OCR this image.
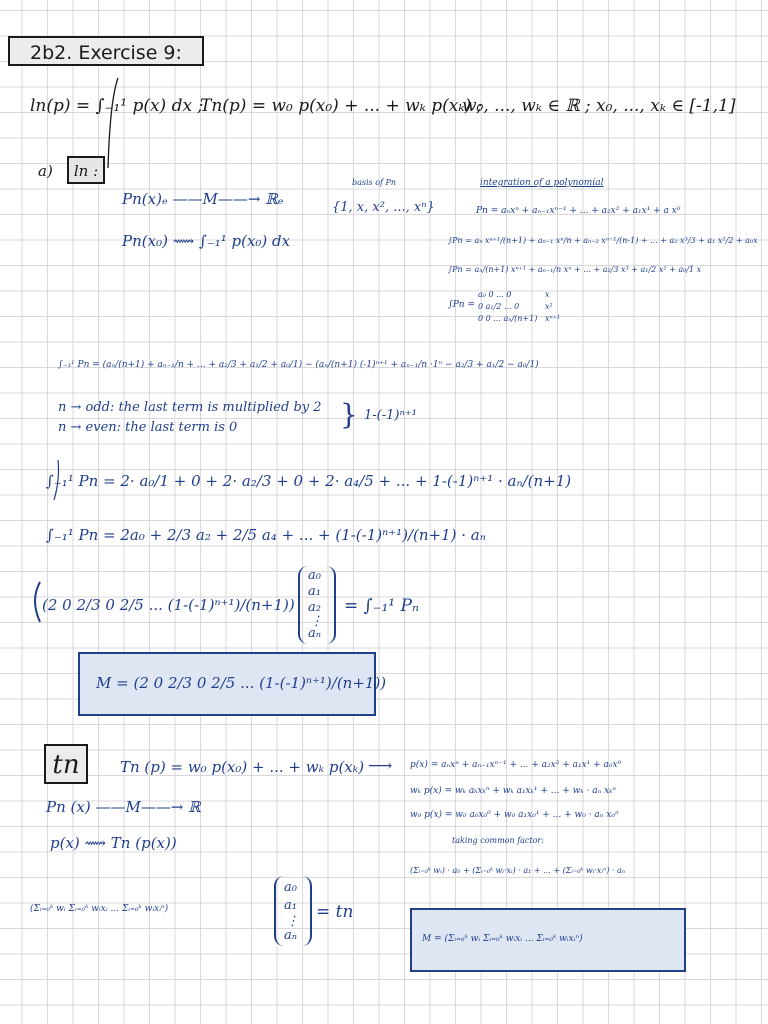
2b2. Exercise 9:
ln(p) = ∫₋₁¹ p(x) dx ;
Tn(p) = w₀ p(x₀) + ... + wₖ p(xₖ) ;
w₀, ..., wₖ ∈ ℝ ; x₀, ..., xₖ ∈ [-1,1]
a)	ln :
Pn(x)ₑ ——M——→ ℝₑ
Pn(x₀) ⟿ ∫₋₁¹ p(x₀) dx
basis of Pn
{1, x, x², ..., xⁿ}
integration of a polynomial
Pn = aₙxⁿ + aₙ₋₁xⁿ⁻¹ + ... + a₂x² + a₁x¹ + a x⁰
∫Pn = aₙ xⁿ⁺¹/(n+1) + aₙ₋₁ xⁿ/n + aₙ₋₂ xⁿ⁻¹/(n-1) + ... + a₂ x³/3 + a₁ x²/2 + a₀x
∫Pn = aₙ/(n+1) xⁿ⁺¹ + aₙ₋₁/n xⁿ + ... + a₂/3 x³ + a₁/2 x² + a₀/1 x
∫Pn =
a₀ 0 ... 0
0 a₁/2 ... 0
0 0 ... aₙ/(n+1)
x
x²
xⁿ⁺¹
∫₋₁¹ Pn = (aₙ/(n+1) + aₙ₋₁/n + ... + a₂/3 + a₁/2 + a₀/1) − (aₙ/(n+1) (-1)ⁿ⁺¹ + aₙ₋₁/n ·1ⁿ − a₂/3 + a₁/2 − a₀/1)
n → odd: the last term is multiplied by 2
n → even: the last term is 0	} 1-(-1)ⁿ⁺¹
∫₋₁¹ Pn = 2· a₀/1 + 0 + 2· a₂/3 + 0 + 2· a₄/5 + ... + 1-(-1)ⁿ⁺¹ · aₙ/(n+1)
∫₋₁¹ Pn = 2a₀ + 2/3 a₂ + 2/5 a₄ + ... + (1-(-1)ⁿ⁺¹)/(n+1) · aₙ
(2 0 2/3 0 2/5 ... (1-(-1)ⁿ⁺¹)/(n+1))
a₀
a₁
a₂
⋮
aₙ
= ∫₋₁¹ Pₙ
M = (2 0 2/3 0 2/5 ... (1-(-1)ⁿ⁺¹)/(n+1))
tn	Tn (p) = w₀ p(x₀) + ... + wₖ p(xₖ) ⟶ p(x) = aₙxⁿ + aₙ₋₁xⁿ⁻¹ + ... + a₂x² + a₁x¹ + a₀x⁰
wₖ p(x) = wₖ aₖxₖⁿ + wₖ a₁xₖ¹ + ... + wₖ · aₙ xₖⁿ
w₀ p(x) = w₀ a₀x₀⁰ + w₀ a₁x₀¹ + ... + w₀ · aₙ x₀ⁿ
taking common factor:
(Σᵢ₌₀ᵏ wᵢ) · a₀ + (Σᵢ₌₀ᵏ wᵢ·xᵢ) · a₁ + ... + (Σᵢ₌₀ᵏ wᵢ·xᵢⁿ) · aₙ
Pn (x) ——M——→ ℝ
p(x) ⟿ Tn (p(x))
(Σᵢ₌₀ᵏ wᵢ Σᵢ₌₀ᵏ wᵢxᵢ ... Σᵢ₌₀ᵏ wᵢxᵢⁿ)
a₀
a₁
⋮
aₙ
= tn
M = (Σᵢ₌₀ᵏ wᵢ Σᵢ₌₀ᵏ wᵢxᵢ ... Σᵢ₌₀ᵏ wᵢxᵢⁿ)
